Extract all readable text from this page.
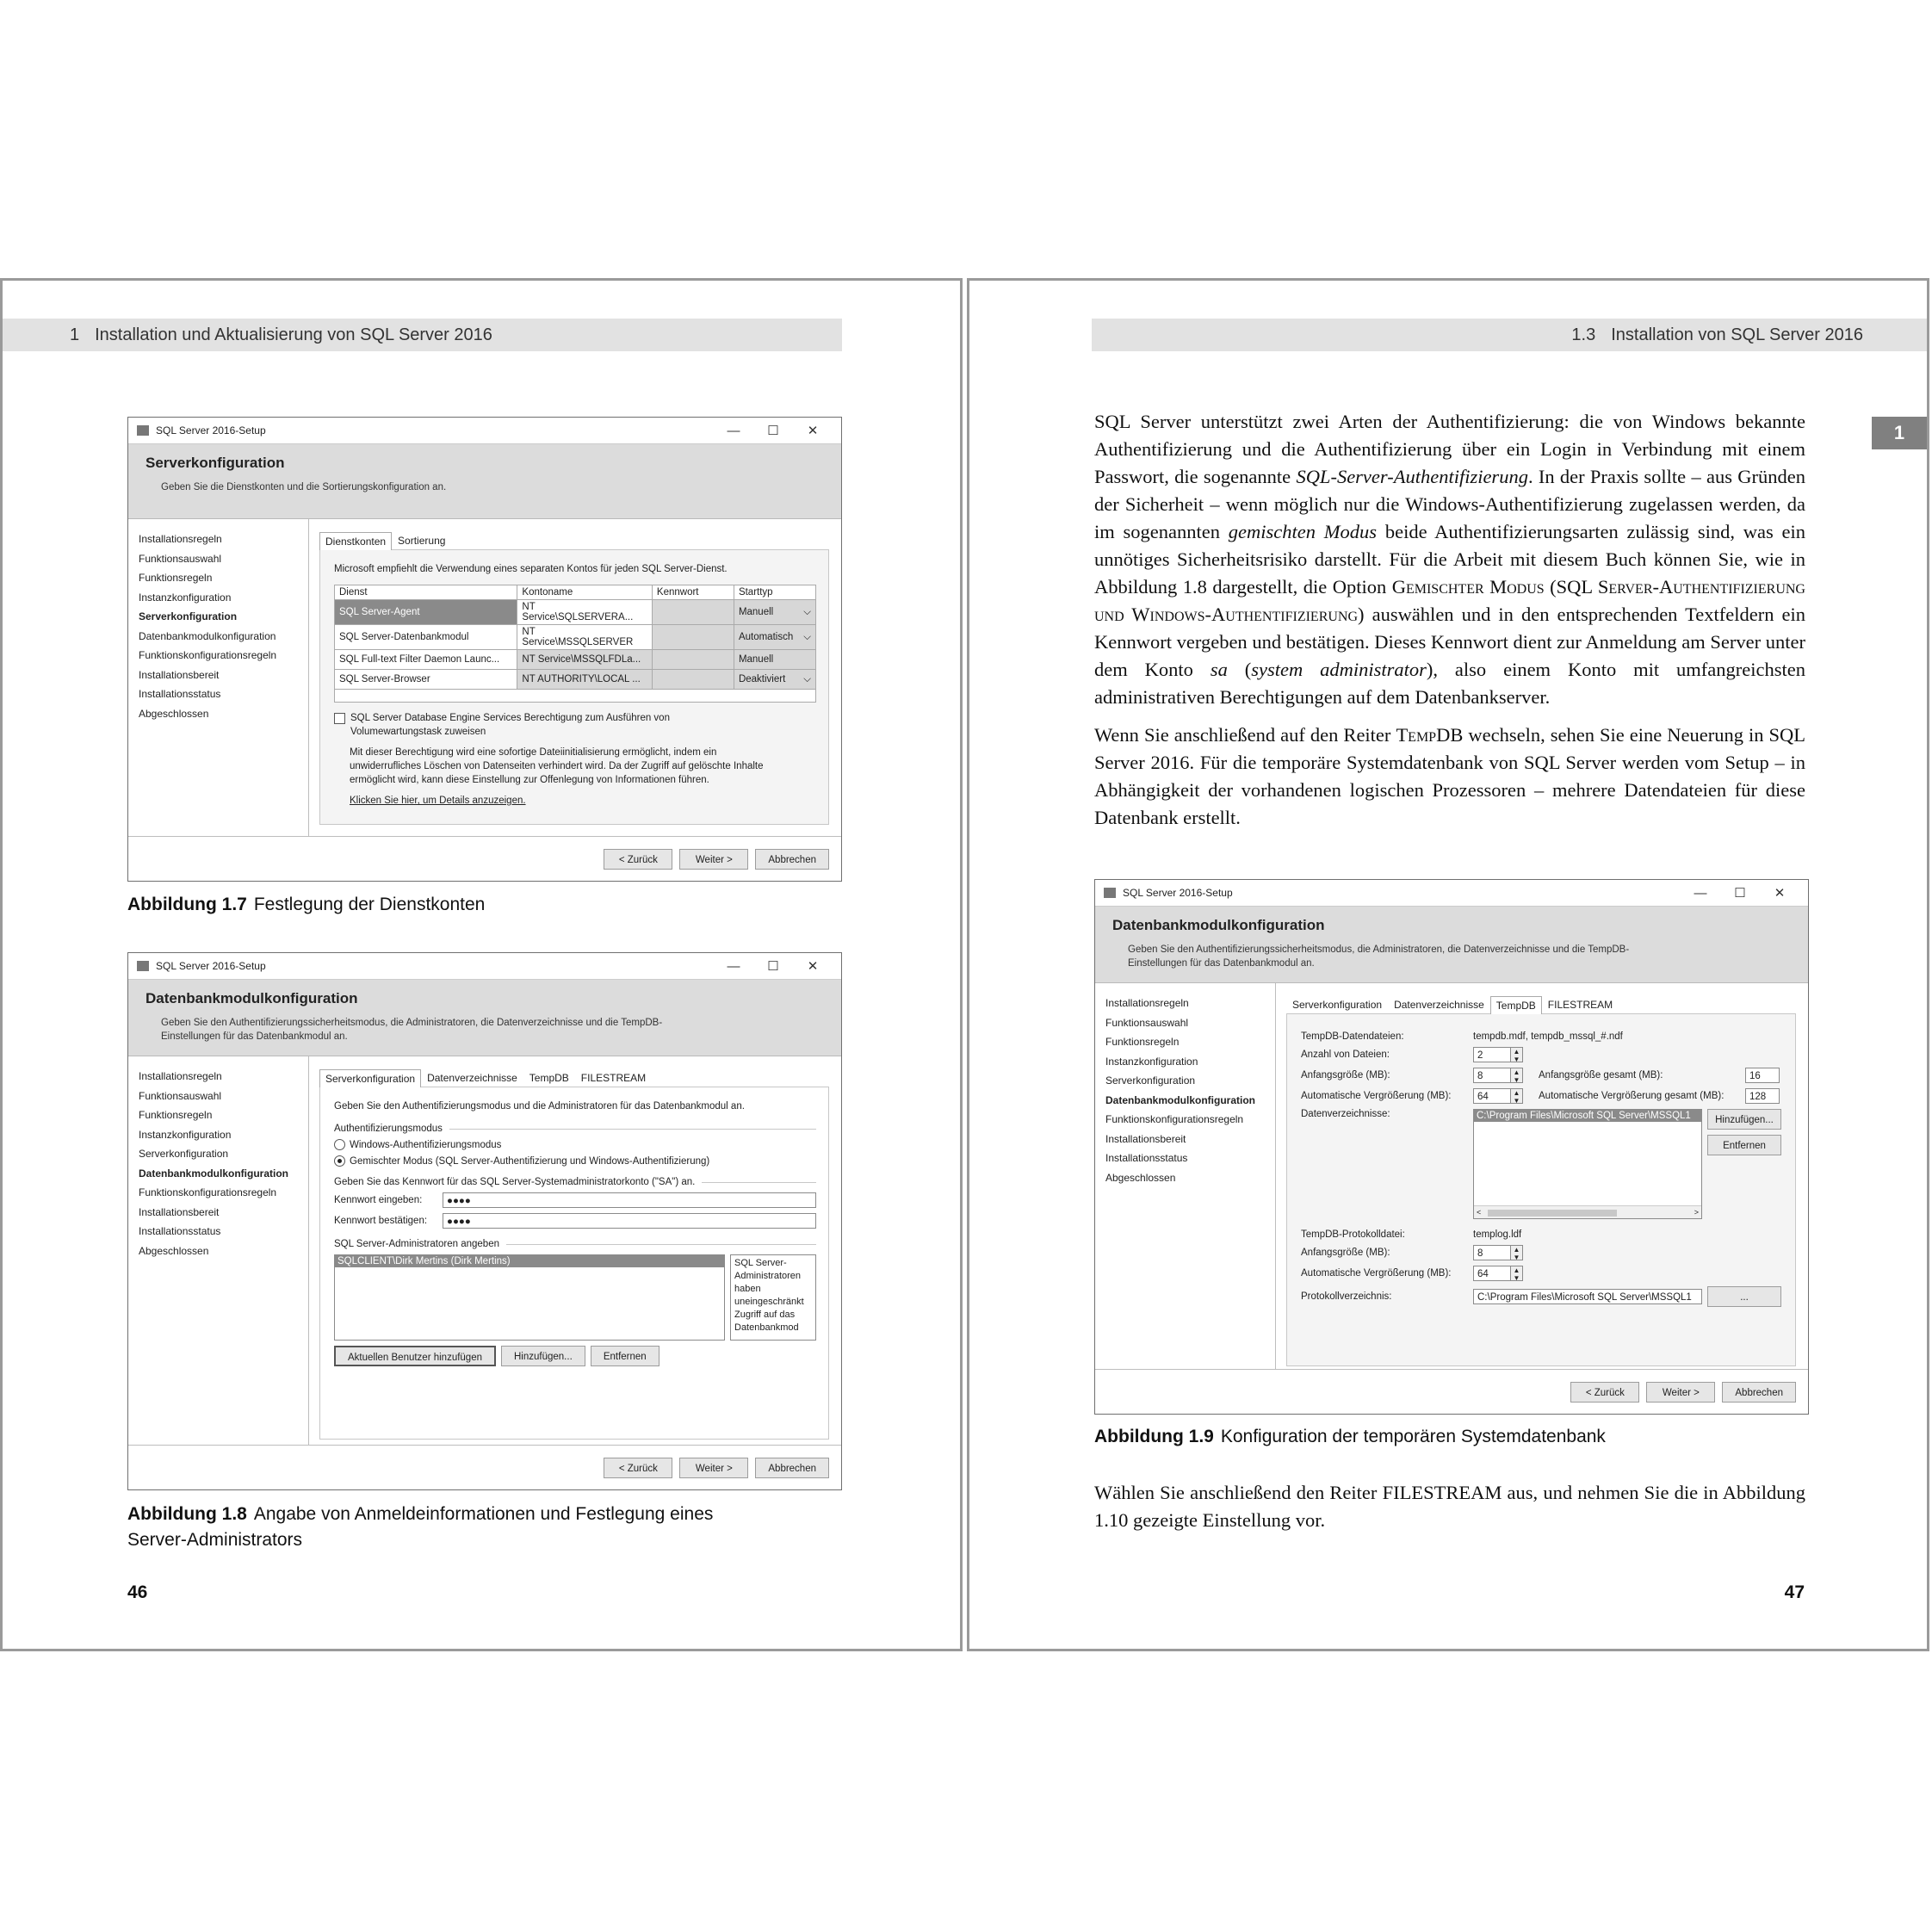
1 Installation und Aktualisierung von SQL Server 2016
SQL Server 2016-Setup	—	☐	✕
Serverkonfiguration
Geben Sie die Dienstkonten und die Sortierungskonfiguration an.
Installationsregeln
Funktionsauswahl
Funktionsregeln
Instanzkonfiguration
Serverkonfiguration
Datenbankmodulkonfiguration
Funktionskonfigurationsregeln
Installationsbereit
Installationsstatus
Abgeschlossen
Dienstkonten	Sortierung
Microsoft empfiehlt die Verwendung eines separaten Kontos für jeden SQL Server-Dienst.
Dienst	Kontoname	Kennwort	Starttyp
SQL Server-Agent	NT Service\SQLSERVERA...		Manuell ⌵

SQL Server-Datenbankmodul	NT Service\MSSQLSERVER		Automatisch ⌵

SQL Full-text Filter Daemon Launc...	NT Service\MSSQLFDLa...		Manuell
SQL Server-Browser	NT AUTHORITY\LOCAL ...		Deaktiviert ⌵

SQL Server Database Engine Services Berechtigung zum Ausführen von
Volumewartungstask zuweisen
Mit dieser Berechtigung wird eine sofortige Dateiinitialisierung ermöglicht, indem ein
unwiderrufliches Löschen von Datenseiten verhindert wird. Da der Zugriff auf gelöschte Inhalte
ermöglicht wird, kann diese Einstellung zur Offenlegung von Informationen führen.
Klicken Sie hier, um Details anzuzeigen.
< Zurück	Weiter >	Abbrechen
Abbildung 1.7 Festlegung der Dienstkonten
SQL Server 2016-Setup	—	☐	✕
Datenbankmodulkonfiguration
Geben Sie den Authentifizierungssicherheitsmodus, die Administratoren, die Datenverzeichnisse und die TempDB-
Einstellungen für das Datenbankmodul an.
Installationsregeln
Funktionsauswahl
Funktionsregeln
Instanzkonfiguration
Serverkonfiguration
Datenbankmodulkonfiguration
Funktionskonfigurationsregeln
Installationsbereit
Installationsstatus
Abgeschlossen
Serverkonfiguration	Datenverzeichnisse	TempDB	FILESTREAM
Geben Sie den Authentifizierungsmodus und die Administratoren für das Datenbankmodul an.
Authentifizierungsmodus
Windows-Authentifizierungsmodus
Gemischter Modus (SQL Server-Authentifizierung und Windows-Authentifizierung)
Geben Sie das Kennwort für das SQL Server-Systemadministratorkonto ("SA") an.
Kennwort eingeben:	●●●●
Kennwort bestätigen:	●●●●
SQL Server-Administratoren angeben
SQLCLIENT\Dirk Mertins (Dirk Mertins)	SQL Server-Administratoren haben uneingeschränkt Zugriff auf das Datenbankmod
Aktuellen Benutzer hinzufügen	Hinzufügen...	Entfernen
< Zurück	Weiter >	Abbrechen
Abbildung 1.8 Angabe von Anmeldeinformationen und Festlegung eines
Server-Administrators
46
1.3 Installation von SQL Server 2016
1

SQL Server unterstützt zwei Arten der Authentifizierung: die von Windows bekannte Authentifizierung und die Authentifizierung über ein Login in Verbindung mit einem Passwort, die sogenannte SQL-Server-Authentifizierung. In der Praxis sollte – aus Gründen der Sicherheit – wenn möglich nur die Windows-Authentifizierung zugelassen werden, da im sogenannten gemischten Modus beide Authentifizierungsarten zulässig sind, was ein unnötiges Sicherheitsrisiko darstellt. Für die Arbeit mit diesem Buch können Sie, wie in Abbildung 1.8 dargestellt, die Option Gemischter Modus (SQL Server-Authentifizierung und Windows-Authentifizierung) auswählen und in den entsprechenden Textfeldern ein Kennwort vergeben und bestätigen. Dieses Kennwort dient zur Anmeldung am Server unter dem Konto sa (system administrator), also einem Konto mit umfangreichsten administrativen Berechtigungen auf dem Datenbankserver.

Wenn Sie anschließend auf den Reiter TempDB wechseln, sehen Sie eine Neuerung in SQL Server 2016. Für die temporäre Systemdatenbank von SQL Server werden vom Setup – in Abhängigkeit der vorhandenen logischen Prozessoren – mehrere Datendateien für diese Datenbank erstellt.

SQL Server 2016-Setup	—	☐	✕
Datenbankmodulkonfiguration
Geben Sie den Authentifizierungssicherheitsmodus, die Administratoren, die Datenverzeichnisse und die TempDB-
Einstellungen für das Datenbankmodul an.
Installationsregeln
Funktionsauswahl
Funktionsregeln
Instanzkonfiguration
Serverkonfiguration
Datenbankmodulkonfiguration
Funktionskonfigurationsregeln
Installationsbereit
Installationsstatus
Abgeschlossen
Serverkonfiguration	Datenverzeichnisse	TempDB	FILESTREAM
TempDB-Datendateien:	tempdb.mdf, tempdb_mssql_#.ndf
Anzahl von Dateien:	2	▲
▼
Anfangsgröße (MB):	8	▲
▼	Anfangsgröße gesamt (MB):	16
Automatische Vergrößerung (MB):	64	▲
▼	Automatische Vergrößerung gesamt (MB):	128
Datenverzeichnisse:	C:\Program Files\Microsoft SQL Server\MSSQL1
<	>
Hinzufügen...
Entfernen
TempDB-Protokolldatei:	templog.ldf
Anfangsgröße (MB):	8	▲
▼
Automatische Vergrößerung (MB):	64	▲
▼
Protokollverzeichnis:	C:\Program Files\Microsoft SQL Server\MSSQL1	...
< Zurück	Weiter >	Abbrechen
Abbildung 1.9 Konfiguration der temporären Systemdatenbank

Wählen Sie anschließend den Reiter FILESTREAM aus, und nehmen Sie die in Abbildung 1.10 gezeigte Einstellung vor.

47
